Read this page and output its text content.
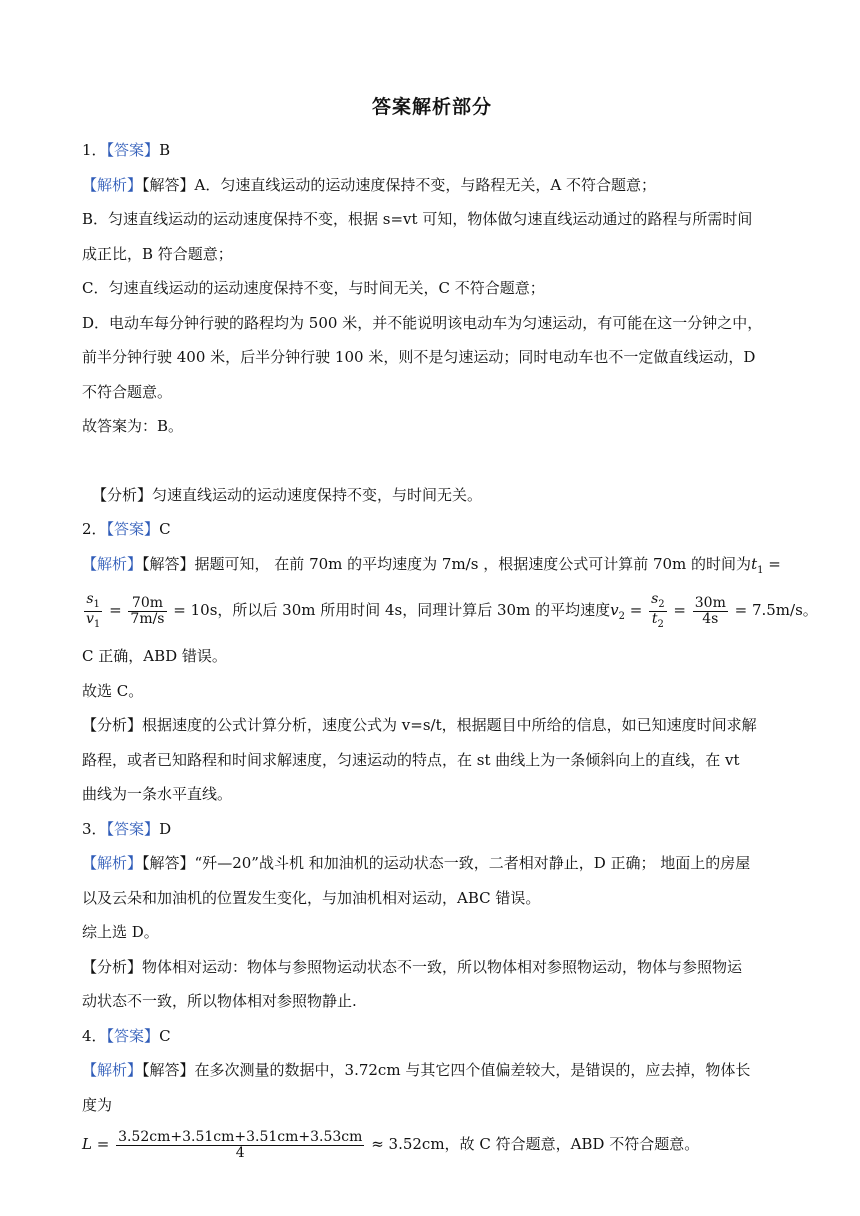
答案解析部分

1．【答案】B

【解析】【解答】A．匀速直线运动的运动速度保持不变，与路程无关，A 不符合题意；

B．匀速直线运动的运动速度保持不变，根据 s=vt 可知，物体做匀速直线运动通过的路程与所需时间

成正比，B 符合题意；

C．匀速直线运动的运动速度保持不变，与时间无关，C 不符合题意；

D．电动车每分钟行驶的路程均为 500 米，并不能说明该电动车为匀速运动，有可能在这一分钟之中，

前半分钟行驶 400 米，后半分钟行驶 100 米，则不是匀速运动；同时电动车也不一定做直线运动，D

不符合题意。

故答案为：B。

【分析】匀速直线运动的运动速度保持不变，与时间无关。

2．【答案】C

【解析】【解答】据题可知， 在前 70m 的平均速度为 7m/s ，根据速度公式可计算前 70m 的时间为$t_1$ =

$\frac{s_1}{v_1} = \frac{70m}{7m/s} = 10s$，所以后 30m 所用时间 4s，同理计算后 30m 的平均速度$v_2 = \frac{s_2}{t_2} = \frac{30m}{4s} = 7.5m/s$。

C 正确，ABD 错误。

故选 C。

【分析】根据速度的公式计算分析，速度公式为 v=s/t，根据题目中所给的信息，如已知速度时间求解

路程，或者已知路程和时间求解速度，匀速运动的特点，在 st 曲线上为一条倾斜向上的直线，在 vt

曲线为一条水平直线。

3．【答案】D

【解析】【解答】“歼—20”战斗机 和加油机的运动状态一致，二者相对静止，D 正确； 地面上的房屋

以及云朵和加油机的位置发生变化，与加油机相对运动，ABC 错误。

综上选 D。

【分析】物体相对运动：物体与参照物运动状态不一致，所以物体相对参照物运动，物体与参照物运

动状态不一致，所以物体相对参照物静止.

4．【答案】C

【解析】【解答】在多次测量的数据中，3.72cm 与其它四个值偏差较大，是错误的，应去掉，物体长

度为

$L = \frac{3.52cm+3.51cm+3.51cm+3.53cm}{4} \approx 3.52cm$，故 C 符合题意，ABD 不符合题意。
